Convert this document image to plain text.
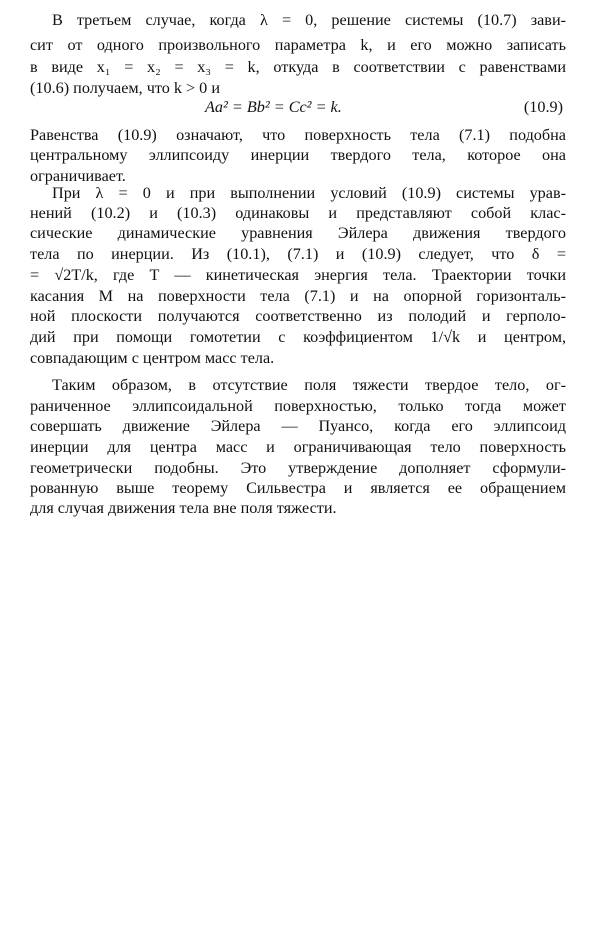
В третьем случае, когда λ = 0, решение системы (10.7) зави-
сит от одного произвольного параметра k, и его можно записать
в виде x₁ = x₂ = x₃ = k, откуда в соответствии с равенствами
(10.6) получаем, что k > 0 и
Aa² = Bb² = Cc² = k.	(10.9)
Равенства (10.9) означают, что поверхность тела (7.1) подобна
центральному эллипсоиду инерции твердого тела, которое она
ограничивает.
При λ = 0 и при выполнении условий (10.9) системы урав-
нений (10.2) и (10.3) одинаковы и представляют собой клас-
сические динамические уравнения Эйлера движения твердого
тела по инерции. Из (10.1), (7.1) и (10.9) следует, что δ =
= √2T/k, где T — кинетическая энергия тела. Траектории точки
касания M на поверхности тела (7.1) и на опорной горизонталь-
ной плоскости получаются соответственно из полодий и герполо-
дий при помощи гомотетии с коэффициентом 1/√k и центром,
совпадающим с центром масс тела.
Таким образом, в отсутствие поля тяжести твердое тело, ог-
раниченное эллипсоидальной поверхностью, только тогда может
совершать движение Эйлера — Пуансо, когда его эллипсоид
инерции для центра масс и ограничивающая тело поверхность
геометрически подобны. Это утверждение дополняет сформули-
рованную выше теорему Сильвестра и является ее обращением
для случая движения тела вне поля тяжести.
